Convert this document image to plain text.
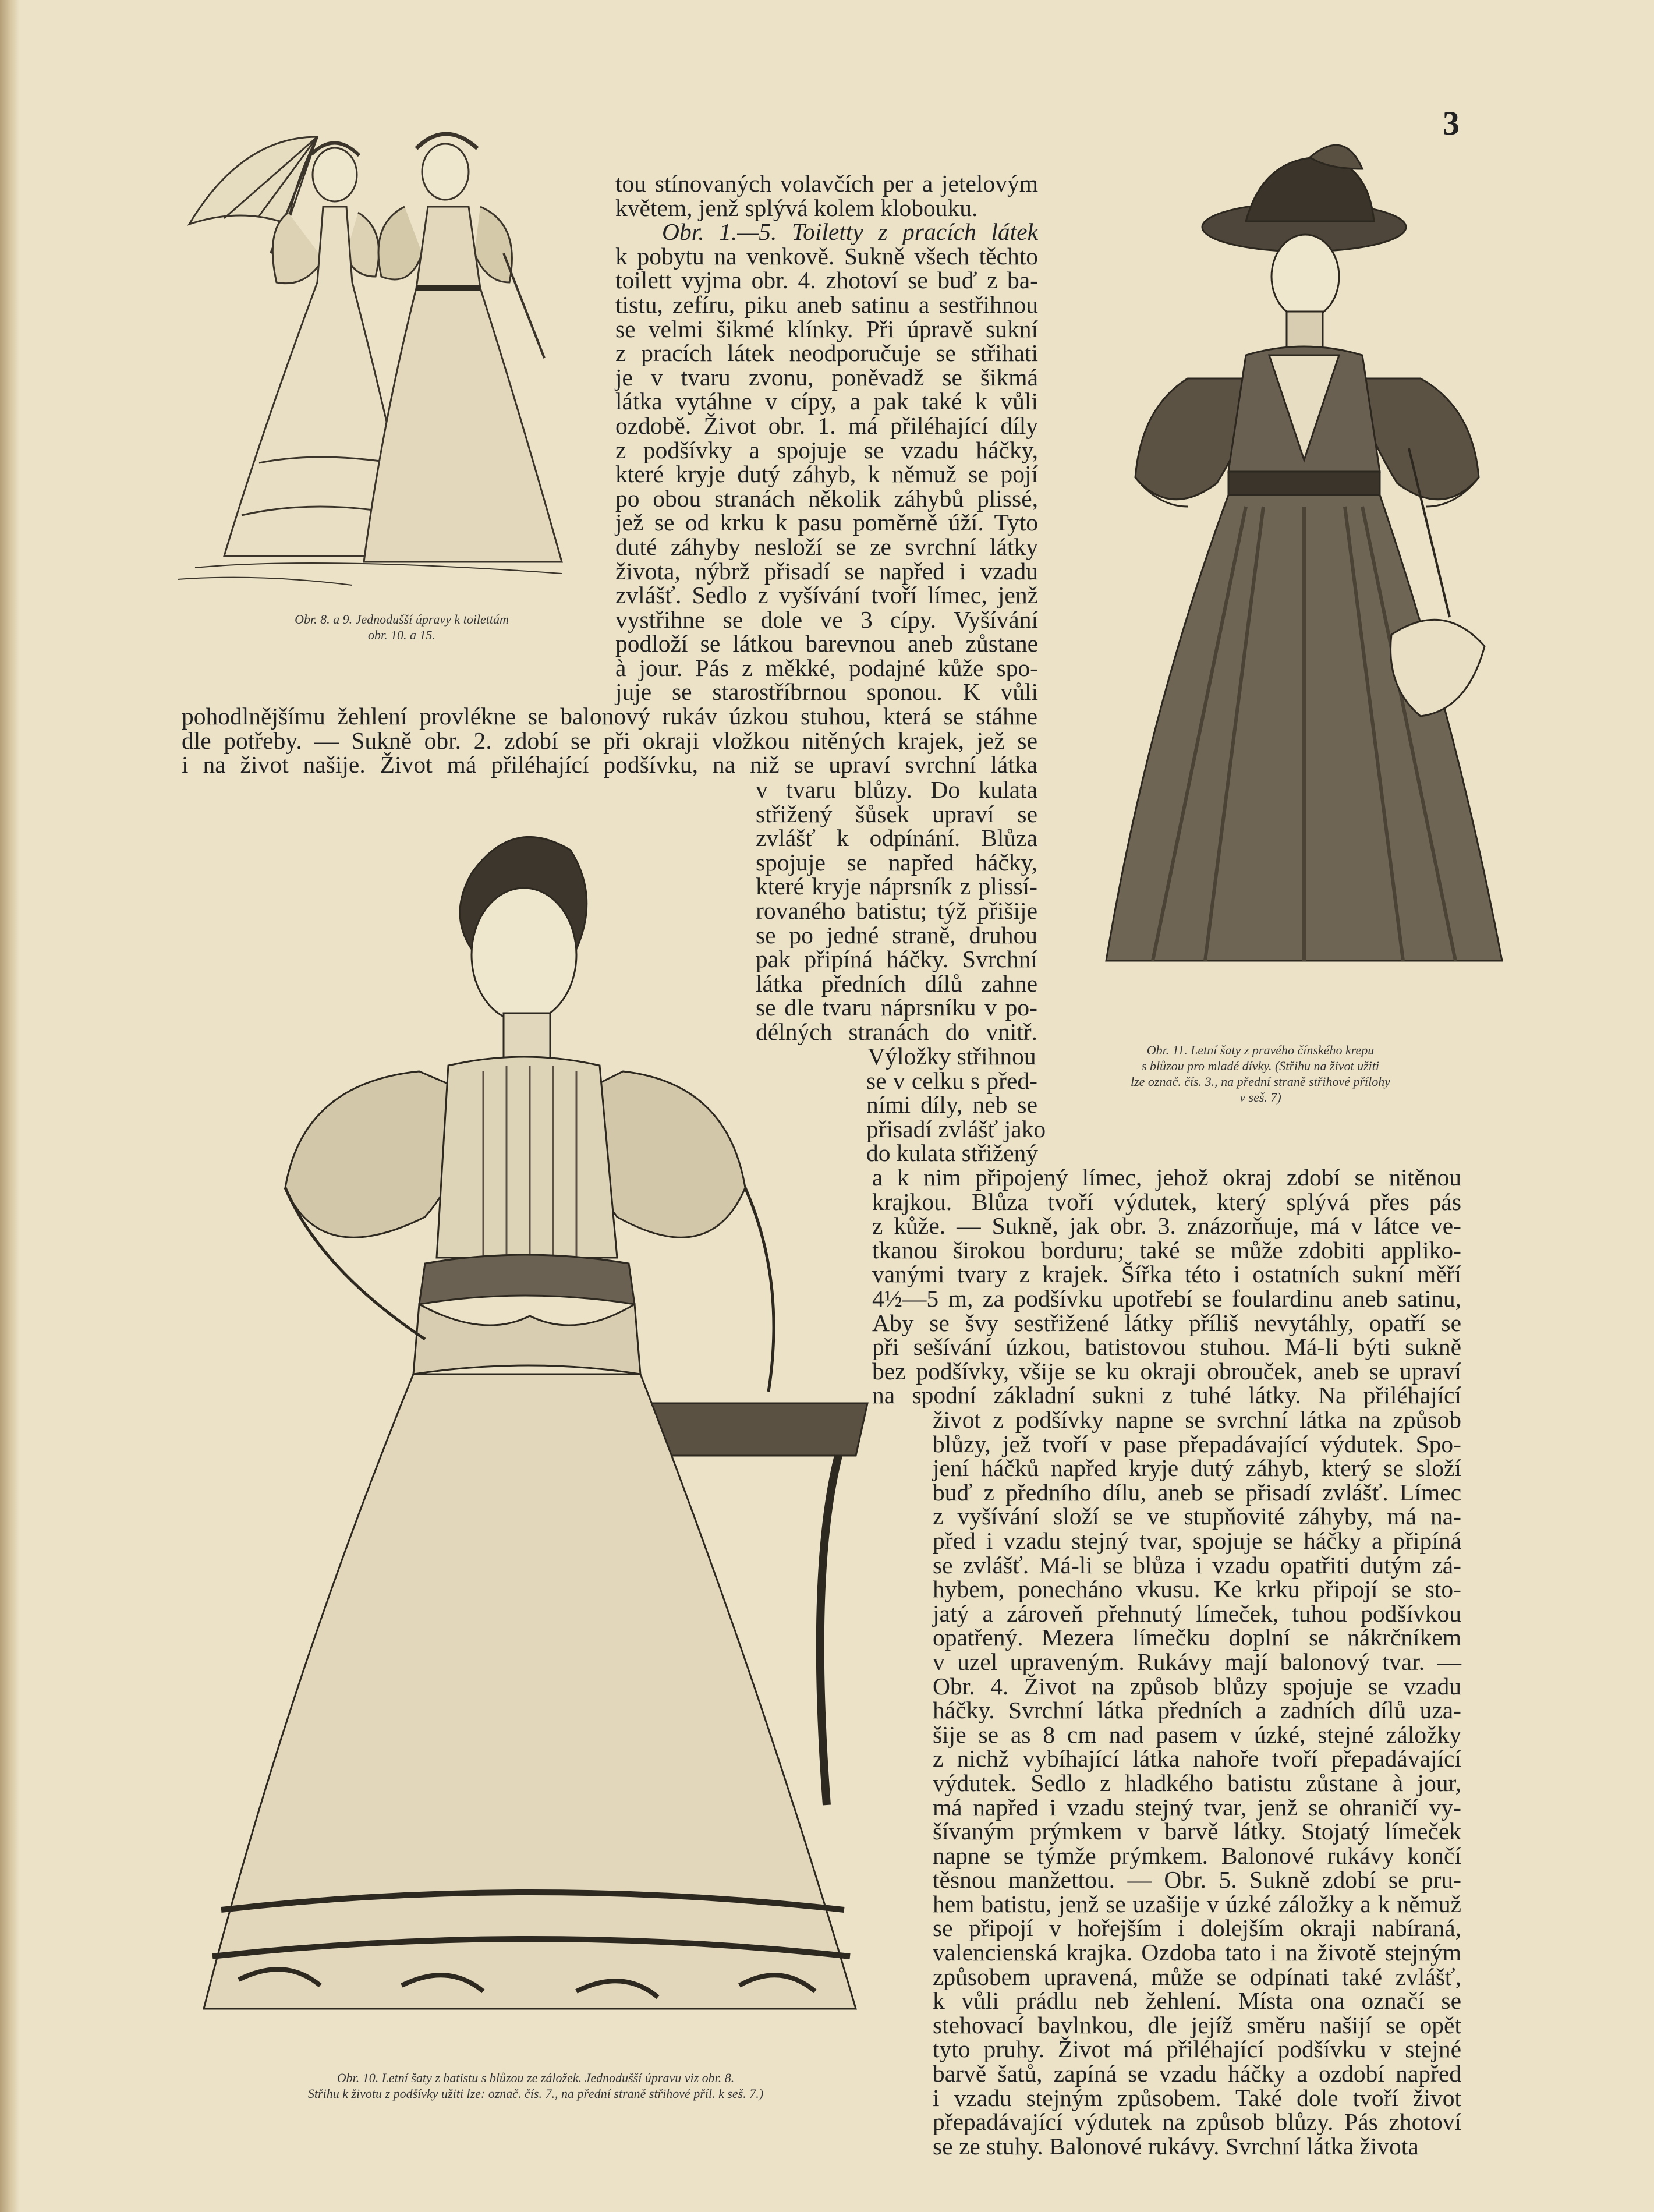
3
Obr. 8. a 9. Jednodušší úpravy k toilettám
obr. 10. a 15.
Obr. 11. Letní šaty z pravého čínského krepu
s blůzou pro mladé dívky. (Střihu na život užiti
lze označ. čís. 3., na přední straně střihové přílohy
v seš. 7)
Obr. 10. Letní šaty z batistu s blůzou ze záložek. Jednodušší úpravu viz obr. 8.
Střihu k životu z podšívky užiti lze: označ. čís. 7., na přední straně střihové příl. k seš. 7.)
tou stínovaných volavčích per a jetelovým
květem, jenž splývá kolem klobouku.
Obr. 1.—5. Toiletty z pracích látek
k pobytu na venkově. Sukně všech těchto
toilett vyjma obr. 4. zhotoví se buď z ba-
tistu, zefíru, piku aneb satinu a sestřihnou
se velmi šikmé klínky. Při úpravě sukní
z pracích látek neodporučuje se střihati
je v tvaru zvonu, poněvadž se šikmá
látka vytáhne v cípy, a pak také k vůli
ozdobě. Život obr. 1. má přiléhající díly
z podšívky a spojuje se vzadu háčky,
které kryje dutý záhyb, k němuž se pojí
po obou stranách několik záhybů plissé,
jež se od krku k pasu poměrně úží. Tyto
duté záhyby nesloží se ze svrchní látky
života, nýbrž přisadí se napřed i vzadu
zvlášť. Sedlo z vyšívání tvoří límec, jenž
vystřihne se dole ve 3 cípy. Vyšívání
podloží se látkou barevnou aneb zůstane
à jour. Pás z měkké, podajné kůže spo-
juje se starostříbrnou sponou. K vůli
pohodlnějšímu žehlení provlékne se balonový rukáv úzkou stuhou, která se stáhne
dle potřeby. — Sukně obr. 2. zdobí se při okraji vložkou nitěných krajek, jež se
i na život našije. Život má přiléhající podšívku, na niž se upraví svrchní látka
v tvaru blůzy. Do kulata
střižený šůsek upraví se
zvlášť k odpínání. Blůza
spojuje se napřed háčky,
které kryje náprsník z plissí-
rovaného batistu; týž přišije
se po jedné straně, druhou
pak připíná háčky. Svrchní
látka předních dílů zahne
se dle tvaru náprsníku v po-
délných stranách do vnitř.
Výložky střihnou
se v celku s před-
ními díly, neb se
přisadí zvlášť jako
do kulata střižený
a k nim připojený límec, jehož okraj zdobí se nitěnou
krajkou. Blůza tvoří výdutek, který splývá přes pás
z kůže. — Sukně, jak obr. 3. znázorňuje, má v látce ve-
tkanou širokou borduru; také se může zdobiti appliko-
vanými tvary z krajek. Šířka této i ostatních sukní měří
4½—5 m, za podšívku upotřebí se foulardinu aneb satinu,
Aby se švy sestřižené látky příliš nevytáhly, opatří se
při sešívání úzkou, batistovou stuhou. Má-li býti sukně
bez podšívky, všije se ku okraji obrouček, aneb se upraví
na spodní základní sukni z tuhé látky. Na přiléhající
život z podšívky napne se svrchní látka na způsob
blůzy, jež tvoří v pase přepadávající výdutek. Spo-
jení háčků napřed kryje dutý záhyb, který se složí
buď z předního dílu, aneb se přisadí zvlášť. Límec
z vyšívání složí se ve stupňovité záhyby, má na-
před i vzadu stejný tvar, spojuje se háčky a připíná
se zvlášť. Má-li se blůza i vzadu opatřiti dutým zá-
hybem, ponecháno vkusu. Ke krku připojí se sto-
jatý a zároveň přehnutý límeček, tuhou podšívkou
opatřený. Mezera límečku doplní se nákrčníkem
v uzel upraveným. Rukávy mají balonový tvar. —
Obr. 4. Život na způsob blůzy spojuje se vzadu
háčky. Svrchní látka předních a zadních dílů uza-
šije se as 8 cm nad pasem v úzké, stejné záložky
z nichž vybíhající látka nahoře tvoří přepadávající
výdutek. Sedlo z hladkého batistu zůstane à jour,
má napřed i vzadu stejný tvar, jenž se ohraničí vy-
šívaným prýmkem v barvě látky. Stojatý límeček
napne se týmže prýmkem. Balonové rukávy končí
těsnou manžettou. — Obr. 5. Sukně zdobí se pru-
hem batistu, jenž se uzašije v úzké záložky a k němuž
se připojí v hořejším i dolejším okraji nabíraná,
valencienská krajka. Ozdoba tato i na životě stejným
způsobem upravená, může se odpínati také zvlášť,
k vůli prádlu neb žehlení. Místa ona označí se
stehovací bavlnkou, dle jejíž směru našijí se opět
tyto pruhy. Život má přiléhající podšívku v stejné
barvě šatů, zapíná se vzadu háčky a ozdobí napřed
i vzadu stejným způsobem. Také dole tvoří život
přepadávající výdutek na způsob blůzy. Pás zhotoví
se ze stuhy. Balonové rukávy. Svrchní látka života
